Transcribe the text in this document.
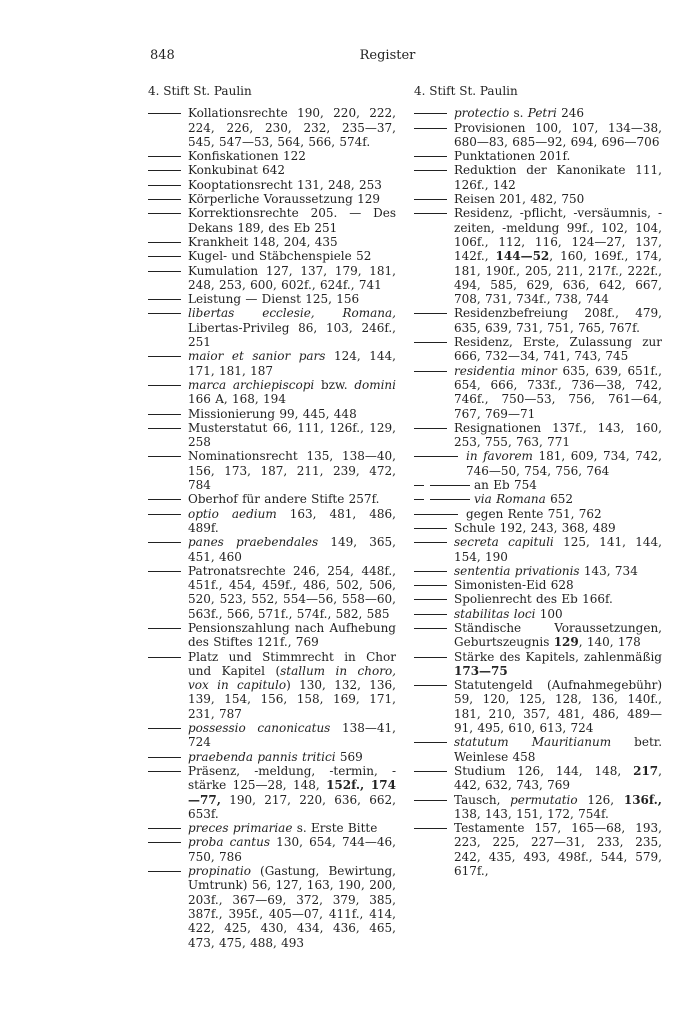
848	Register
4. Stift St. Paulin
Kollationsrechte 190, 220, 222, 224, 226, 230, 232, 235—37, 545, 547—53, 564, 566, 574f.
Konfiskationen 122
Konkubinat 642
Kooptationsrecht 131, 248, 253
Körperliche Voraussetzung 129
Korrektionsrechte 205. — Des Dekans 189, des Eb 251
Krankheit 148, 204, 435
Kugel- und Stäbchenspiele 52
Kumulation 127, 137, 179, 181, 248, 253, 600, 602f., 624f., 741
Leistung — Dienst 125, 156
libertas ecclesie, Romana, Libertas-Privileg 86, 103, 246f., 251
maior et sanior pars 124, 144, 171, 181, 187
marca archiepiscopi bzw. domini 166 A, 168, 194
Missionierung 99, 445, 448
Musterstatut 66, 111, 126f., 129, 258
Nominationsrecht 135, 138—40, 156, 173, 187, 211, 239, 472, 784
Oberhof für andere Stifte 257f.
optio aedium 163, 481, 486, 489f.
panes praebendales 149, 365, 451, 460
Patronatsrechte 246, 254, 448f., 451f., 454, 459f., 486, 502, 506, 520, 523, 552, 554—56, 558—60, 563f., 566, 571f., 574f., 582, 585
Pensionszahlung nach Aufhebung des Stiftes 121f., 769
Platz und Stimmrecht in Chor und Kapitel (stallum in choro, vox in capitulo) 130, 132, 136, 139, 154, 156, 158, 169, 171, 231, 787
possessio canonicatus 138—41, 724
praebenda pannis tritici 569
Präsenz, -meldung, -termin, -stärke 125—28, 148, 152f., 174—77, 190, 217, 220, 636, 662, 653f.
preces primariae s. Erste Bitte
proba cantus 130, 654, 744—46, 750, 786
propinatio (Gastung, Bewirtung, Umtrunk) 56, 127, 163, 190, 200, 203f., 367—69, 372, 379, 385, 387f., 395f., 405—07, 411f., 414, 422, 425, 430, 434, 436, 465, 473, 475, 488, 493
4. Stift St. Paulin
protectio s. Petri 246
Provisionen 100, 107, 134—38, 680—83, 685—92, 694, 696—706
Punktationen 201f.
Reduktion der Kanonikate 111, 126f., 142
Reisen 201, 482, 750
Residenz, -pflicht, -versäumnis, -zeiten, -meldung 99f., 102, 104, 106f., 112, 116, 124—27, 137, 142f., 144—52, 160, 169f., 174, 181, 190f., 205, 211, 217f., 222f., 494, 585, 629, 636, 642, 667, 708, 731, 734f., 738, 744
Residenzbefreiung 208f., 479, 635, 639, 731, 751, 765, 767f.
Residenz, Erste, Zulassung zur 666, 732—34, 741, 743, 745
residentia minor 635, 639, 651f., 654, 666, 733f., 736—38, 742, 746f., 750—53, 756, 761—64, 767, 769—71
Resignationen 137f., 143, 160, 253, 755, 763, 771
in favorem 181, 609, 734, 742, 746—50, 754, 756, 764
an Eb 754
via Romana 652
gegen Rente 751, 762
Schule 192, 243, 368, 489
secreta capituli 125, 141, 144, 154, 190
sententia privationis 143, 734
Simonisten-Eid 628
Spolienrecht des Eb 166f.
stabilitas loci 100
Ständische Voraussetzungen, Geburtszeugnis 129, 140, 178
Stärke des Kapitels, zahlenmäßig 173—75
Statutengeld (Aufnahmegebühr) 59, 120, 125, 128, 136, 140f., 181, 210, 357, 481, 486, 489—91, 495, 610, 613, 724
statutum Mauritianum betr. Weinlese 458
Studium 126, 144, 148, 217, 442, 632, 743, 769
Tausch, permutatio 126, 136f., 138, 143, 151, 172, 754f.
Testamente 157, 165—68, 193, 223, 225, 227—31, 233, 235, 242, 435, 493, 498f., 544, 579, 617f.,
